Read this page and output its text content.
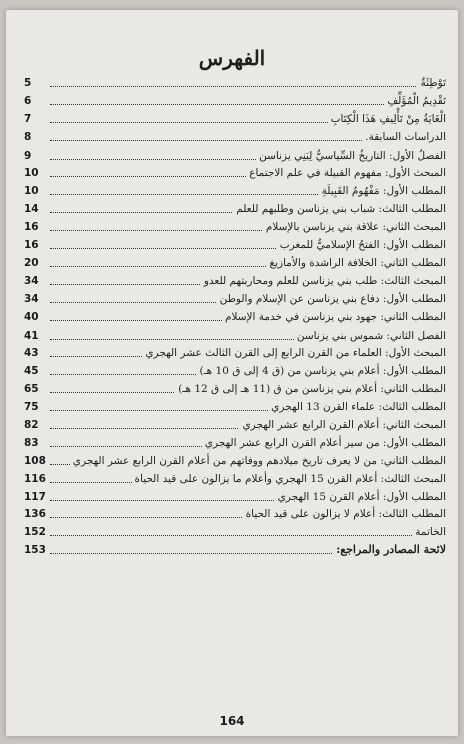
الفهرس
تَوْطِئَةٌ
5
تَقْدِيمُ الْمُؤَلِّفِ
6
الْغَايَةُ مِنْ تَأْلِيفِ هَذَا الْكِتَابِ
7
الدراسات السابقة.
8
الفصلُ الأول: التاريخُ السِّياسيُّ لِبَنِي يزناسن
9
المبحث الأول: مفهوم القبيلة في علم الاجتماع
10
المطلب الأول: مَفْهُومُ القَبِيلَةِ
10
المطلب الثالث: شباب بني يزناسن وطلبهم للعلم
14
المبحث الثاني: علاقة بني يزناسن بالإسلام
16
المطلب الأول: الفتحُ الإسلاميُّ للمغرب
16
المطلب الثاني: الخلافة الراشدة والأمازيغ
20
المبحث الثالث: طلب بني يزناسن للعلم ومحاربتهم للعدو
34
المطلب الأول: دفاع بني يزناسن عن الإسلام والوطن
34
المطلب الثاني: جهود بني يزناسن في خدمة الإسلام
40
الفصل الثاني: شموس بني يزناسن
41
المبحث الأول: العلماء من القرن الرابع إلى القرن الثالث عشر الهجري
43
المطلب الأول: أعلام بني يزناسن من (ق 4 إلى ق 10 هـ)
45
المطلب الثاني: أعلام بني يزناسن من ق (11 هـ إلى ق 12 هـ)
65
المطلب الثالث: علماء القرن 13 الهجري
75
المبحث الثاني: أعلام القرن الرابع عشر الهجري
82
المطلب الأول: من سير أعلام القرن الرابع عشر الهجري
83
المطلب الثاني: من لا يعرف تاريخ ميلادهم ووفاتهم من أعلام القرن الرابع عشر الهجري
108
المبحث الثالث: أعلام القرن 15 الهجري وأعلام ما يزالون على قيد الحياة
116
المطلب الأول: أعلام القرن 15 الهجري
117
المطلب الثالث: أعلام لا يزالون على قيد الحياة
136
الخاتمة
152
لائحة المصادر والمراجع:
153
164
